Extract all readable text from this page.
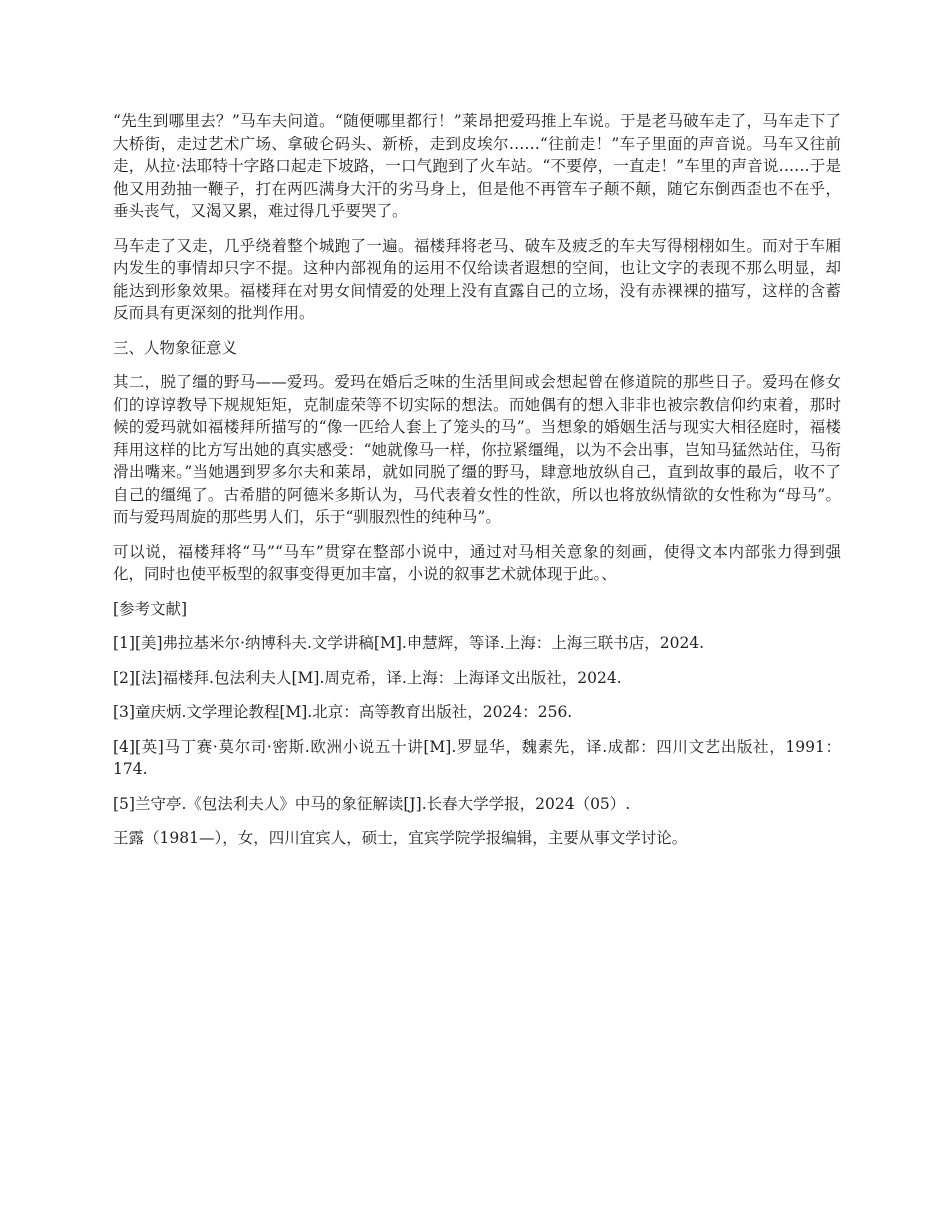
“先生到哪里去？”马车夫问道。“随便哪里都行！”莱昂把爱玛推上车说。于是老马破车走了，马车走下了大桥街，走过艺术广场、拿破仑码头、新桥，走到皮埃尔……“往前走！”车子里面的声音说。马车又往前走，从拉·法耶特十字路口起走下坡路，一口气跑到了火车站。“不要停，一直走！”车里的声音说……于是他又用劲抽一鞭子，打在两匹满身大汗的劣马身上，但是他不再管车子颠不颠，随它东倒西歪也不在乎，垂头丧气，又渴又累，难过得几乎要哭了。

马车走了又走，几乎绕着整个城跑了一遍。福楼拜将老马、破车及疲乏的车夫写得栩栩如生。而对于车厢内发生的事情却只字不提。这种内部视角的运用不仅给读者遐想的空间，也让文字的表现不那么明显，却能达到形象效果。福楼拜在对男女间情爱的处理上没有直露自己的立场，没有赤裸裸的描写，这样的含蓄反而具有更深刻的批判作用。

三、人物象征意义

其二，脱了缰的野马——爱玛。爱玛在婚后乏味的生活里间或会想起曾在修道院的那些日子。爱玛在修女们的谆谆教导下规规矩矩，克制虚荣等不切实际的想法。而她偶有的想入非非也被宗教信仰约束着，那时候的爱玛就如福楼拜所描写的“像一匹给人套上了笼头的马”。当想象的婚姻生活与现实大相径庭时，福楼拜用这样的比方写出她的真实感受：“她就像马一样，你拉紧缰绳，以为不会出事，岂知马猛然站住，马衔滑出嘴来。”当她遇到罗多尔夫和莱昂，就如同脱了缰的野马，肆意地放纵自己，直到故事的最后，收不了自己的缰绳了。古希腊的阿德米多斯认为，马代表着女性的性欲，所以也将放纵情欲的女性称为“母马”。而与爱玛周旋的那些男人们，乐于“驯服烈性的纯种马”。

可以说，福楼拜将“马”“马车”贯穿在整部小说中，通过对马相关意象的刻画，使得文本内部张力得到强化，同时也使平板型的叙事变得更加丰富，小说的叙事艺术就体现于此。、

[参考文献]

[1][美]弗拉基米尔·纳博科夫.文学讲稿[M].申慧辉，等译.上海：上海三联书店，2024.

[2][法]福楼拜.包法利夫人[M].周克希，译.上海：上海译文出版社，2024.

[3]童庆炳.文学理论教程[M].北京：高等教育出版社，2024：256.

[4][英]马丁赛·莫尔司·密斯.欧洲小说五十讲[M].罗显华，魏素先，译.成都：四川文艺出版社，1991：174.

[5]兰守亭.《包法利夫人》中马的象征解读[J].长春大学学报，2024（05）.

王露（1981—），女，四川宜宾人，硕士，宜宾学院学报编辑，主要从事文学讨论。
